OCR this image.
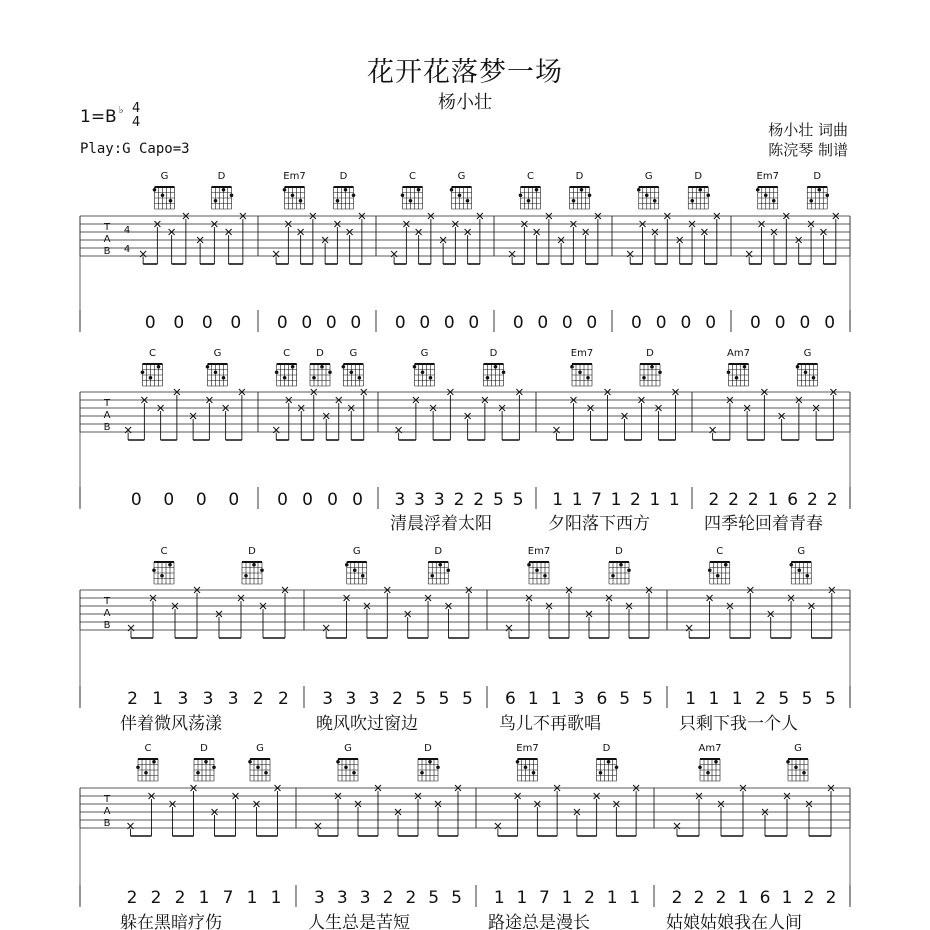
花开花落梦一场
杨小壮
1=B ♭ 4
4
Play:G Capo=3
杨小壮 词曲
陈浣琴 制谱
T
A
B
4
4
G	D
0 0 0 0
Em7	D
0 0 0 0
C	G
0 0 0 0
C	D
0 0 0 0
G	D
0 0 0 0
Em7	D
0 0 0 0
T
A
B
C	G
0 0 0 0
C	D	G
0 0 0 0
G	D
3 3 3 2 2 5 5
清晨浮着太阳
Em7	D
1 1 7 1 2 1 1
夕阳落下西方
Am7	G
2 2 2 1 6 2 2
四季轮回着青春
T
A
B
C	D
2 1 3 3 3 2 2
伴着微风荡漾
G	D
3 3 3 2 5 5 5
晚风吹过窗边
Em7	D
6 1 1 3 6 5 5
鸟儿不再歌唱
C	G
1 1 1 2 5 5 5
只剩下我一个人
T
A
B
C	D	G
2 2 2 1 7 1 1
躲在黑暗疗伤
G	D
3 3 3 2 2 5 5
人生总是苦短
Em7	D
1 1 7 1 2 1 1
路途总是漫长
Am7	G
2 2 2 1 6 1 2 2
姑娘姑娘我在人间
